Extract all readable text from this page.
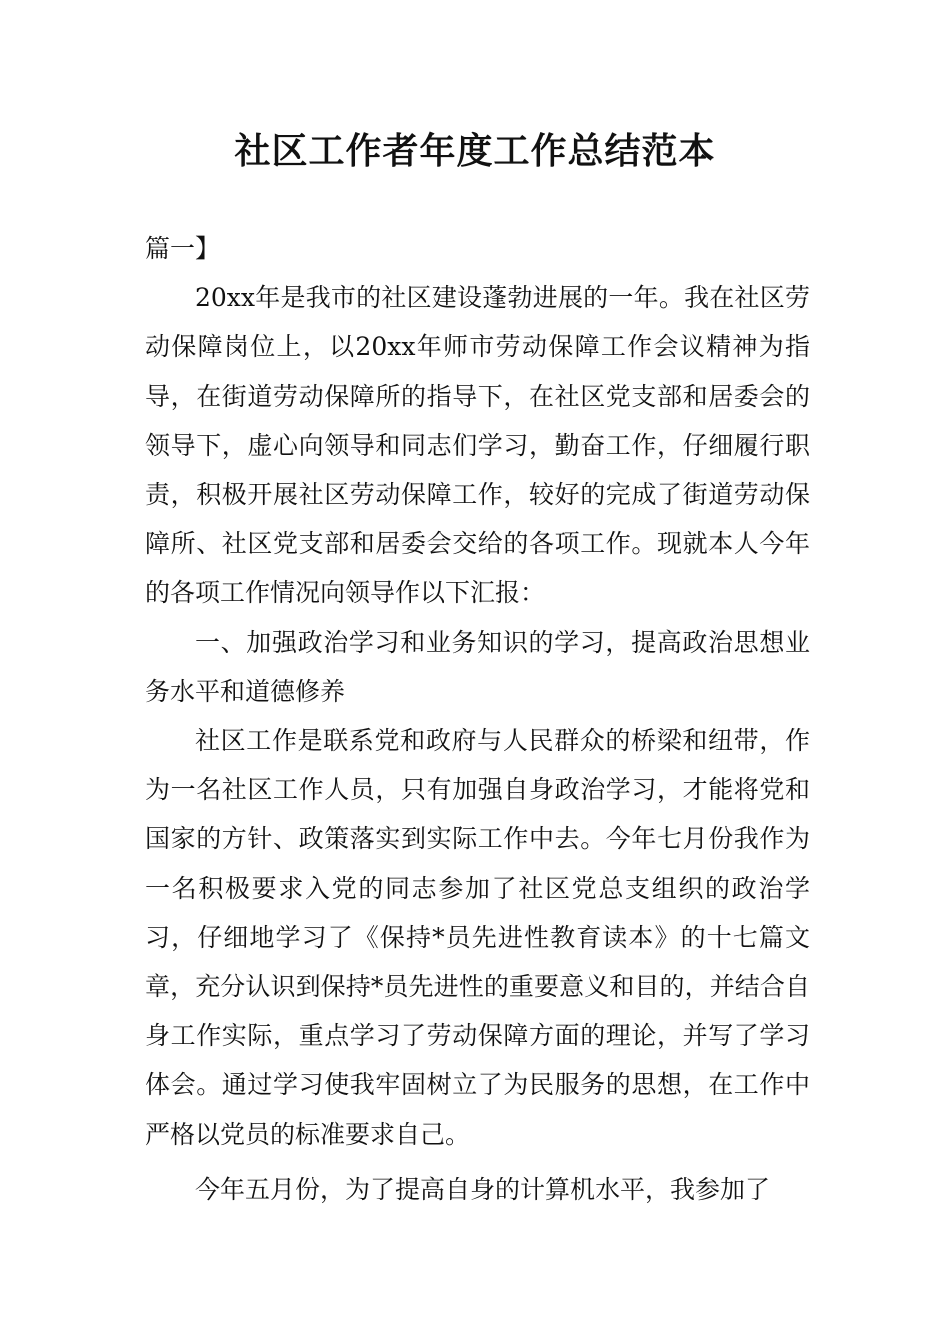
社区工作者年度工作总结范本

篇一】

20xx年是我市的社区建设蓬勃进展的一年。我在社区劳动保障岗位上，以20xx年师市劳动保障工作会议精神为指导，在街道劳动保障所的指导下，在社区党支部和居委会的领导下，虚心向领导和同志们学习，勤奋工作，仔细履行职责，积极开展社区劳动保障工作，较好的完成了街道劳动保障所、社区党支部和居委会交给的各项工作。现就本人今年的各项工作情况向领导作以下汇报：

一、加强政治学习和业务知识的学习，提高政治思想业务水平和道德修养

社区工作是联系党和政府与人民群众的桥梁和纽带，作为一名社区工作人员，只有加强自身政治学习，才能将党和国家的方针、政策落实到实际工作中去。今年七月份我作为一名积极要求入党的同志参加了社区党总支组织的政治学习，仔细地学习了《保持*员先进性教育读本》的十七篇文章，充分认识到保持*员先进性的重要意义和目的，并结合自身工作实际，重点学习了劳动保障方面的理论，并写了学习体会。通过学习使我牢固树立了为民服务的思想，在工作中严格以党员的标准要求自己。

今年五月份，为了提高自身的计算机水平，我参加了
